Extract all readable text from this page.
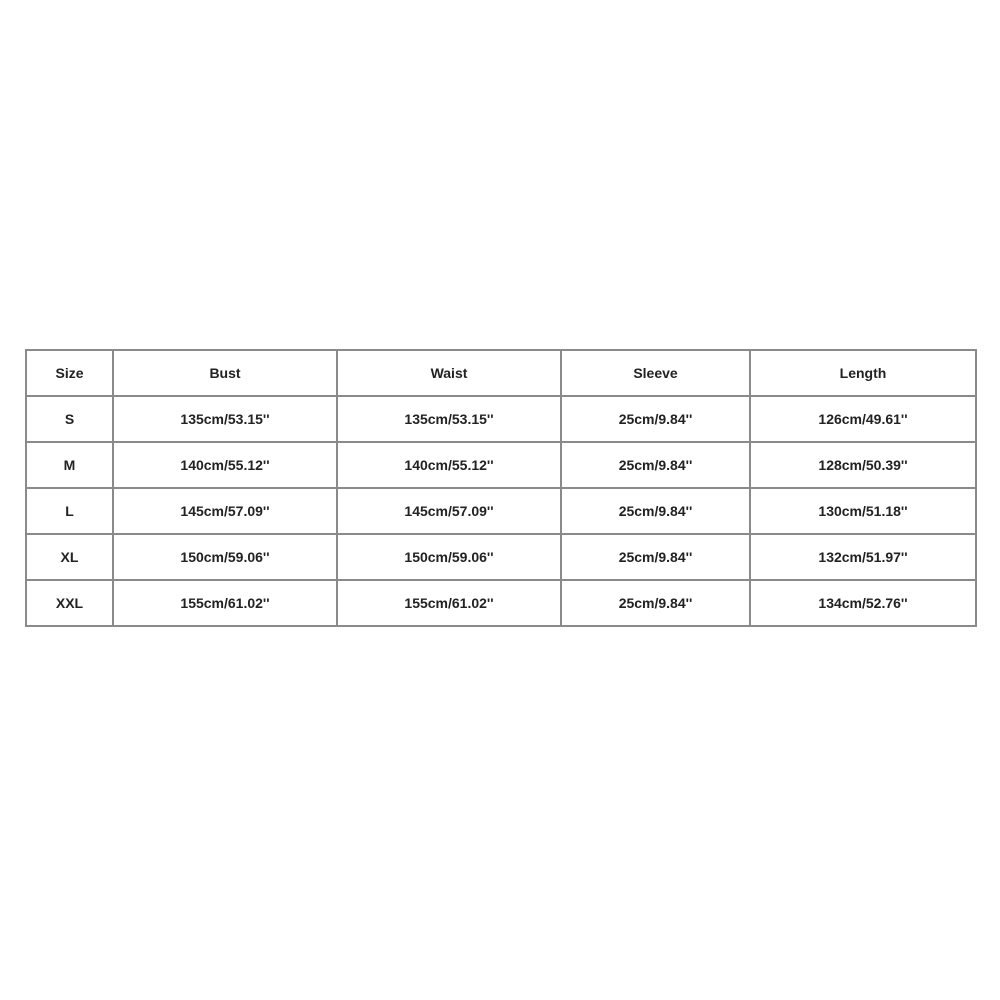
Size	Bust	Waist	Sleeve	Length
S	135cm/53.15''	135cm/53.15''	25cm/9.84''	126cm/49.61''
M	140cm/55.12''	140cm/55.12''	25cm/9.84''	128cm/50.39''
L	145cm/57.09''	145cm/57.09''	25cm/9.84''	130cm/51.18''
XL	150cm/59.06''	150cm/59.06''	25cm/9.84''	132cm/51.97''
XXL	155cm/61.02''	155cm/61.02''	25cm/9.84''	134cm/52.76''
